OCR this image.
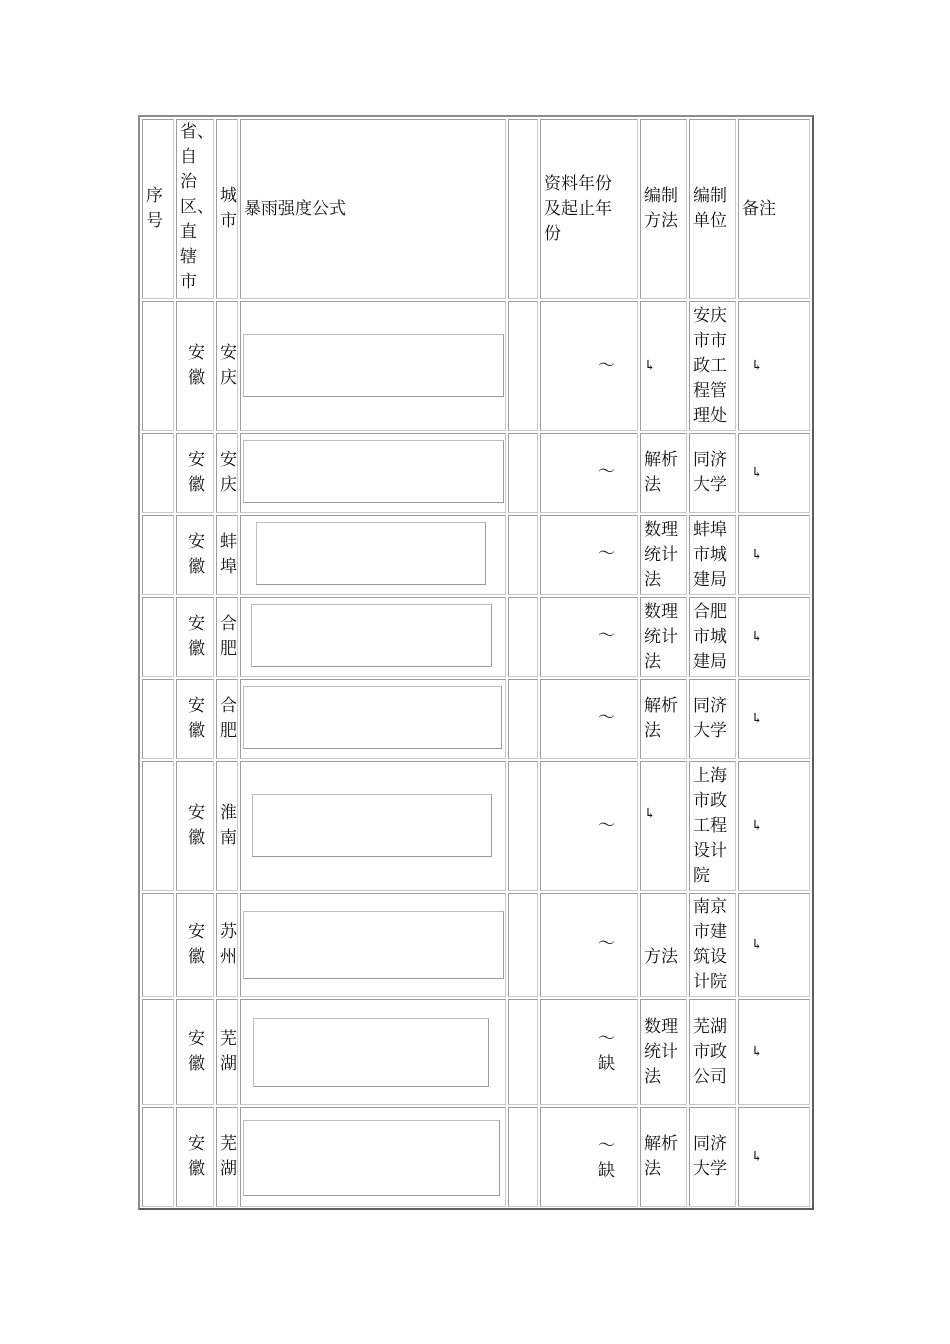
序
号
省、
自
治
区、
直
辖
市
城
市
暴雨强度公式
资料年份
及起止年
份
编制
方法
编制
单位
备注
安
徽
安
庆
～ ↳
安庆
市市
政工
程管
理处
↳
安
徽
安
庆
～
解析
法
同济
大学
↳
安
徽
蚌
埠
～
数理
统计
法
蚌埠
市城
建局
↳
安
徽
合
肥
～
数理
统计
法
合肥
市城
建局
↳
安
徽
合
肥
～
解析
法
同济
大学
↳
安
徽
淮
南
～
↳
上海
市政
工程
设计
院
↳
安
徽
苏
州
～
方法
南京
市建
筑设
计院
↳
安
徽
芜
湖
～
缺
数理
统计
法
芜湖
市政
公司
↳
安
徽
芜
湖
～
缺
解析
法
同济
大学
↳
